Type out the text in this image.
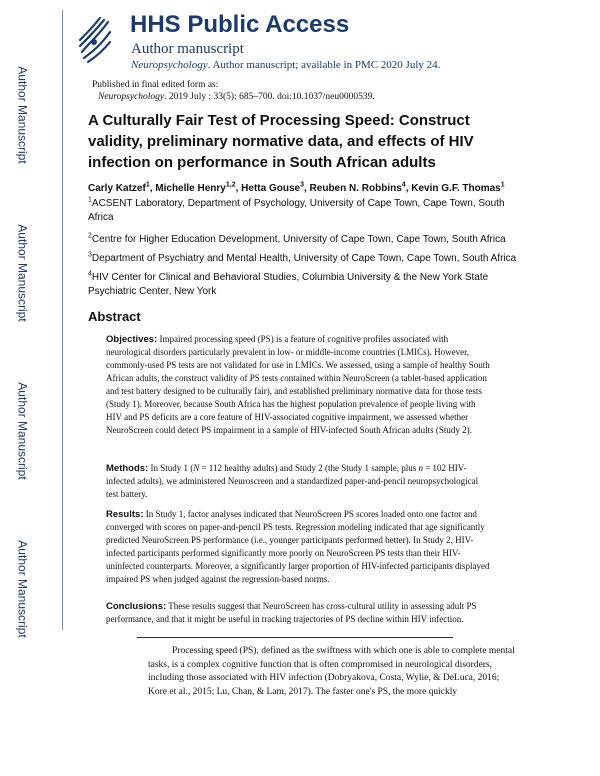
Author Manuscript
Author Manuscript
Author Manuscript
Author Manuscript
HHS Public Access
Author manuscript
Neuropsychology. Author manuscript; available in PMC 2020 July 24.
Published in final edited form as:
Neuropsychology. 2019 July ; 33(5): 685–700. doi:10.1037/neu0000539.
A Culturally Fair Test of Processing Speed: Construct validity, preliminary normative data, and effects of HIV infection on performance in South African adults
Carly Katzef$^1$, Michelle Henry$^{1,2}$, Hetta Gouse$^3$, Reuben N. Robbins$^4$, Kevin G.F. Thomas$^1$
$^1$ACSENT Laboratory, Department of Psychology, University of Cape Town, Cape Town, South Africa
$^2$Centre for Higher Education Development, University of Cape Town, Cape Town, South Africa
$^3$Department of Psychiatry and Mental Health, University of Cape Town, Cape Town, South Africa
$^4$HIV Center for Clinical and Behavioral Studies, Columbia University & the New York State Psychiatric Center, New York
Abstract
Objectives: Impaired processing speed (PS) is a feature of cognitive profiles associated with neurological disorders particularly prevalent in low- or middle-income countries (LMICs). However, commonly-used PS tests are not validated for use in LMICs. We assessed, using a sample of healthy South African adults, the construct validity of PS tests contained within NeuroScreen (a tablet-based application and test battery designed to be culturally fair), and established preliminary normative data for those tests (Study 1). Moreover, because South Africa has the highest population prevalence of people living with HIV and PS deficits are a core feature of HIV-associated cognitive impairment, we assessed whether NeuroScreen could detect PS impairment in a sample of HIV-infected South African adults (Study 2).
Methods: In Study 1 (N = 112 healthy adults) and Study 2 (the Study 1 sample, plus n = 102 HIV-infected adults), we administered Neuroscreen and a standardized paper-and-pencil neuropsychological test battery.
Results: In Study 1, factor analyses indicated that NeuroScreen PS scores loaded onto one factor and converged with scores on paper-and-pencil PS tests. Regression modeling indicated that age significantly predicted NeuroScreen PS performance (i.e., younger participants performed better). In Study 2, HIV-infected participants performed significantly more poorly on NeuroScreen PS tests than their HIV-uninfected counterparts. Moreover, a significantly larger proportion of HIV-infected participants displayed impaired PS when judged against the regression-based norms.
Conclusions: These results suggest that NeuroScreen has cross-cultural utility in assessing adult PS performance, and that it might be useful in tracking trajectories of PS decline within HIV infection.
Processing speed (PS), defined as the swiftness with which one is able to complete mental tasks, is a complex cognitive function that is often compromised in neurological disorders, including those associated with HIV infection (Dobryakova, Costa, Wylie, & DeLuca, 2016; Kore et al., 2015; Lu, Chan, & Lam, 2017). The faster one's PS, the more quickly
